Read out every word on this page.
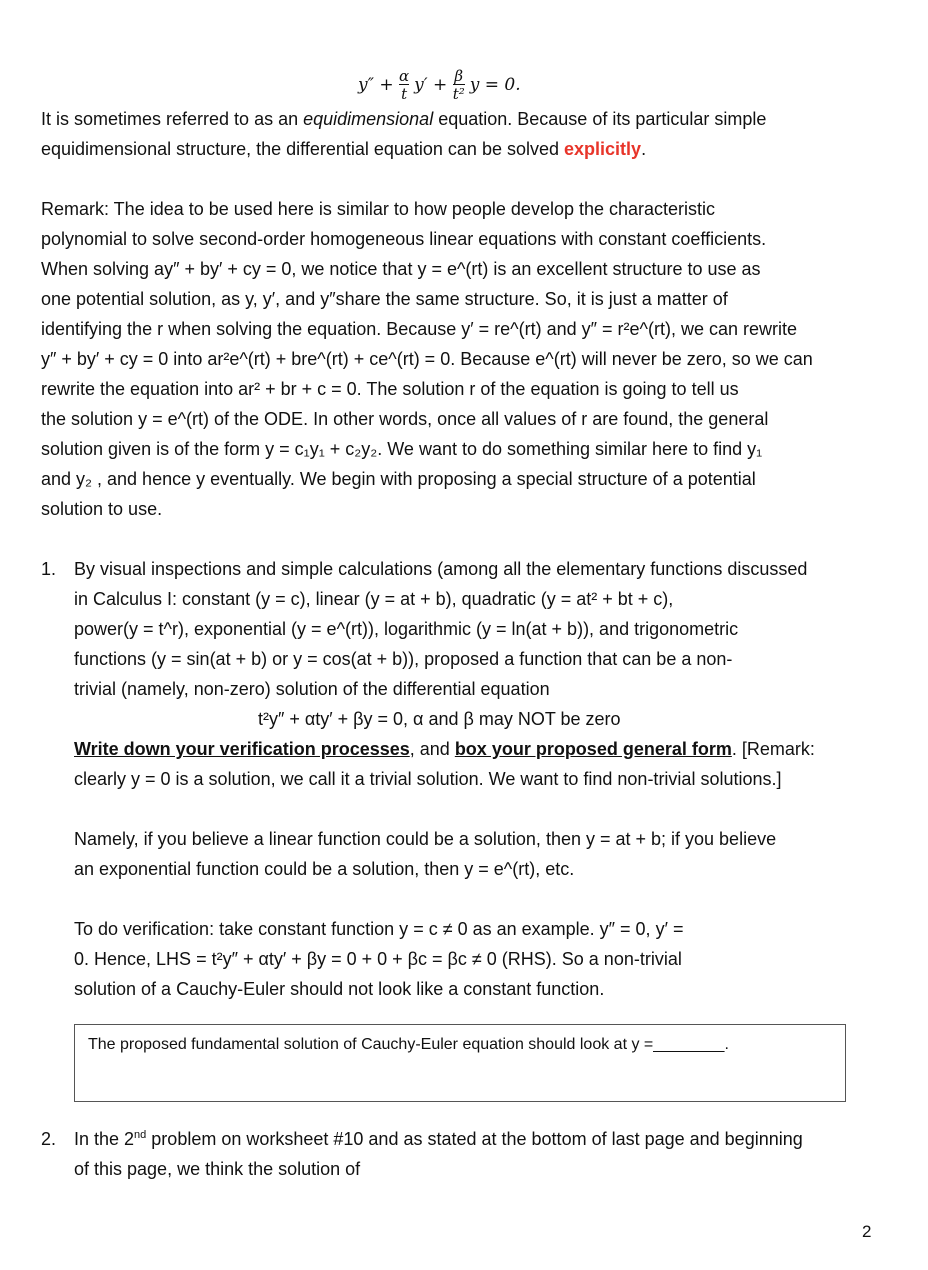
$y'' + \frac{\alpha}{t} y' + \frac{\beta}{\text{t²}}$ y = 0.
It is sometimes referred to as an equidimensional equation. Because of its particular simple
equidimensional structure, the differential equation can be solved explicitly.
Remark: The idea to be used here is similar to how people develop the characteristic
polynomial to solve second-order homogeneous linear equations with constant coefficients.
When solving ay″ + by′ + cy = 0, we notice that y = e^(rt) is an excellent structure to use as
one potential solution, as y, y′, and y″share the same structure. So, it is just a matter of
identifying the r when solving the equation. Because y′ = re^(rt) and y″ = r²e^(rt), we can rewrite
y″ + by′ + cy = 0 into ar²e^(rt) + bre^(rt) + ce^(rt) = 0. Because e^(rt) will never be zero, so we can
rewrite the equation into ar² + br + c = 0. The solution r of the equation is going to tell us
the solution y = e^(rt) of the ODE. In other words, once all values of r are found, the general
solution given is of the form y = c₁y₁ + c₂y₂. We want to do something similar here to find y₁
and y₂ , and hence y eventually. We begin with proposing a special structure of a potential
solution to use.
1. By visual inspections and simple calculations (among all the elementary functions discussed
in Calculus I: constant (y = c), linear (y = at + b), quadratic (y = at² + bt + c),
power(y = t^r), exponential (y = e^(rt)), logarithmic (y = ln(at + b)), and trigonometric
functions (y = sin(at + b) or y = cos(at + b)), proposed a function that can be a non-
trivial (namely, non-zero) solution of the differential equation
t²y″ + αty′ + βy = 0, α and β may NOT be zero
Write down your verification processes, and box your proposed general form. [Remark:
clearly y = 0 is a solution, we call it a trivial solution. We want to find non-trivial solutions.]
Namely, if you believe a linear function could be a solution, then y = at + b; if you believe
an exponential function could be a solution, then y = e^(rt), etc.
To do verification: take constant function y = c ≠ 0 as an example. y″ = 0, y′ =
0. Hence, LHS = t²y″ + αty′ + βy = 0 + 0 + βc = βc ≠ 0 (RHS). So a non-trivial
solution of a Cauchy-Euler should not look like a constant function.
The proposed fundamental solution of Cauchy-Euler equation should look at y =________.
2. In the 2nd problem on worksheet #10 and as stated at the bottom of last page and beginning
of this page, we think the solution of
2
